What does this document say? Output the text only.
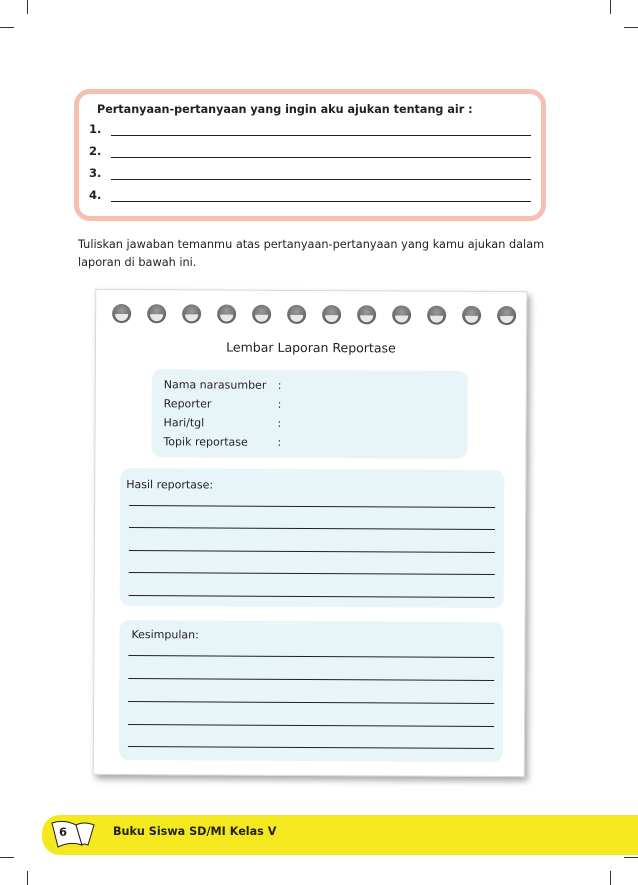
Pertanyaan-pertanyaan yang ingin aku ajukan tentang air :
1.
2.
3.
4.

Tuliskan jawaban temanmu atas pertanyaan-pertanyaan yang kamu ajukan dalam laporan di bawah ini.

Lembar Laporan Reportase
Nama narasumber :
Reporter	:
Hari/tgl	:
Topik reportase	:
Hasil reportase:
Kesimpulan:
6	Buku Siswa SD/MI Kelas V
